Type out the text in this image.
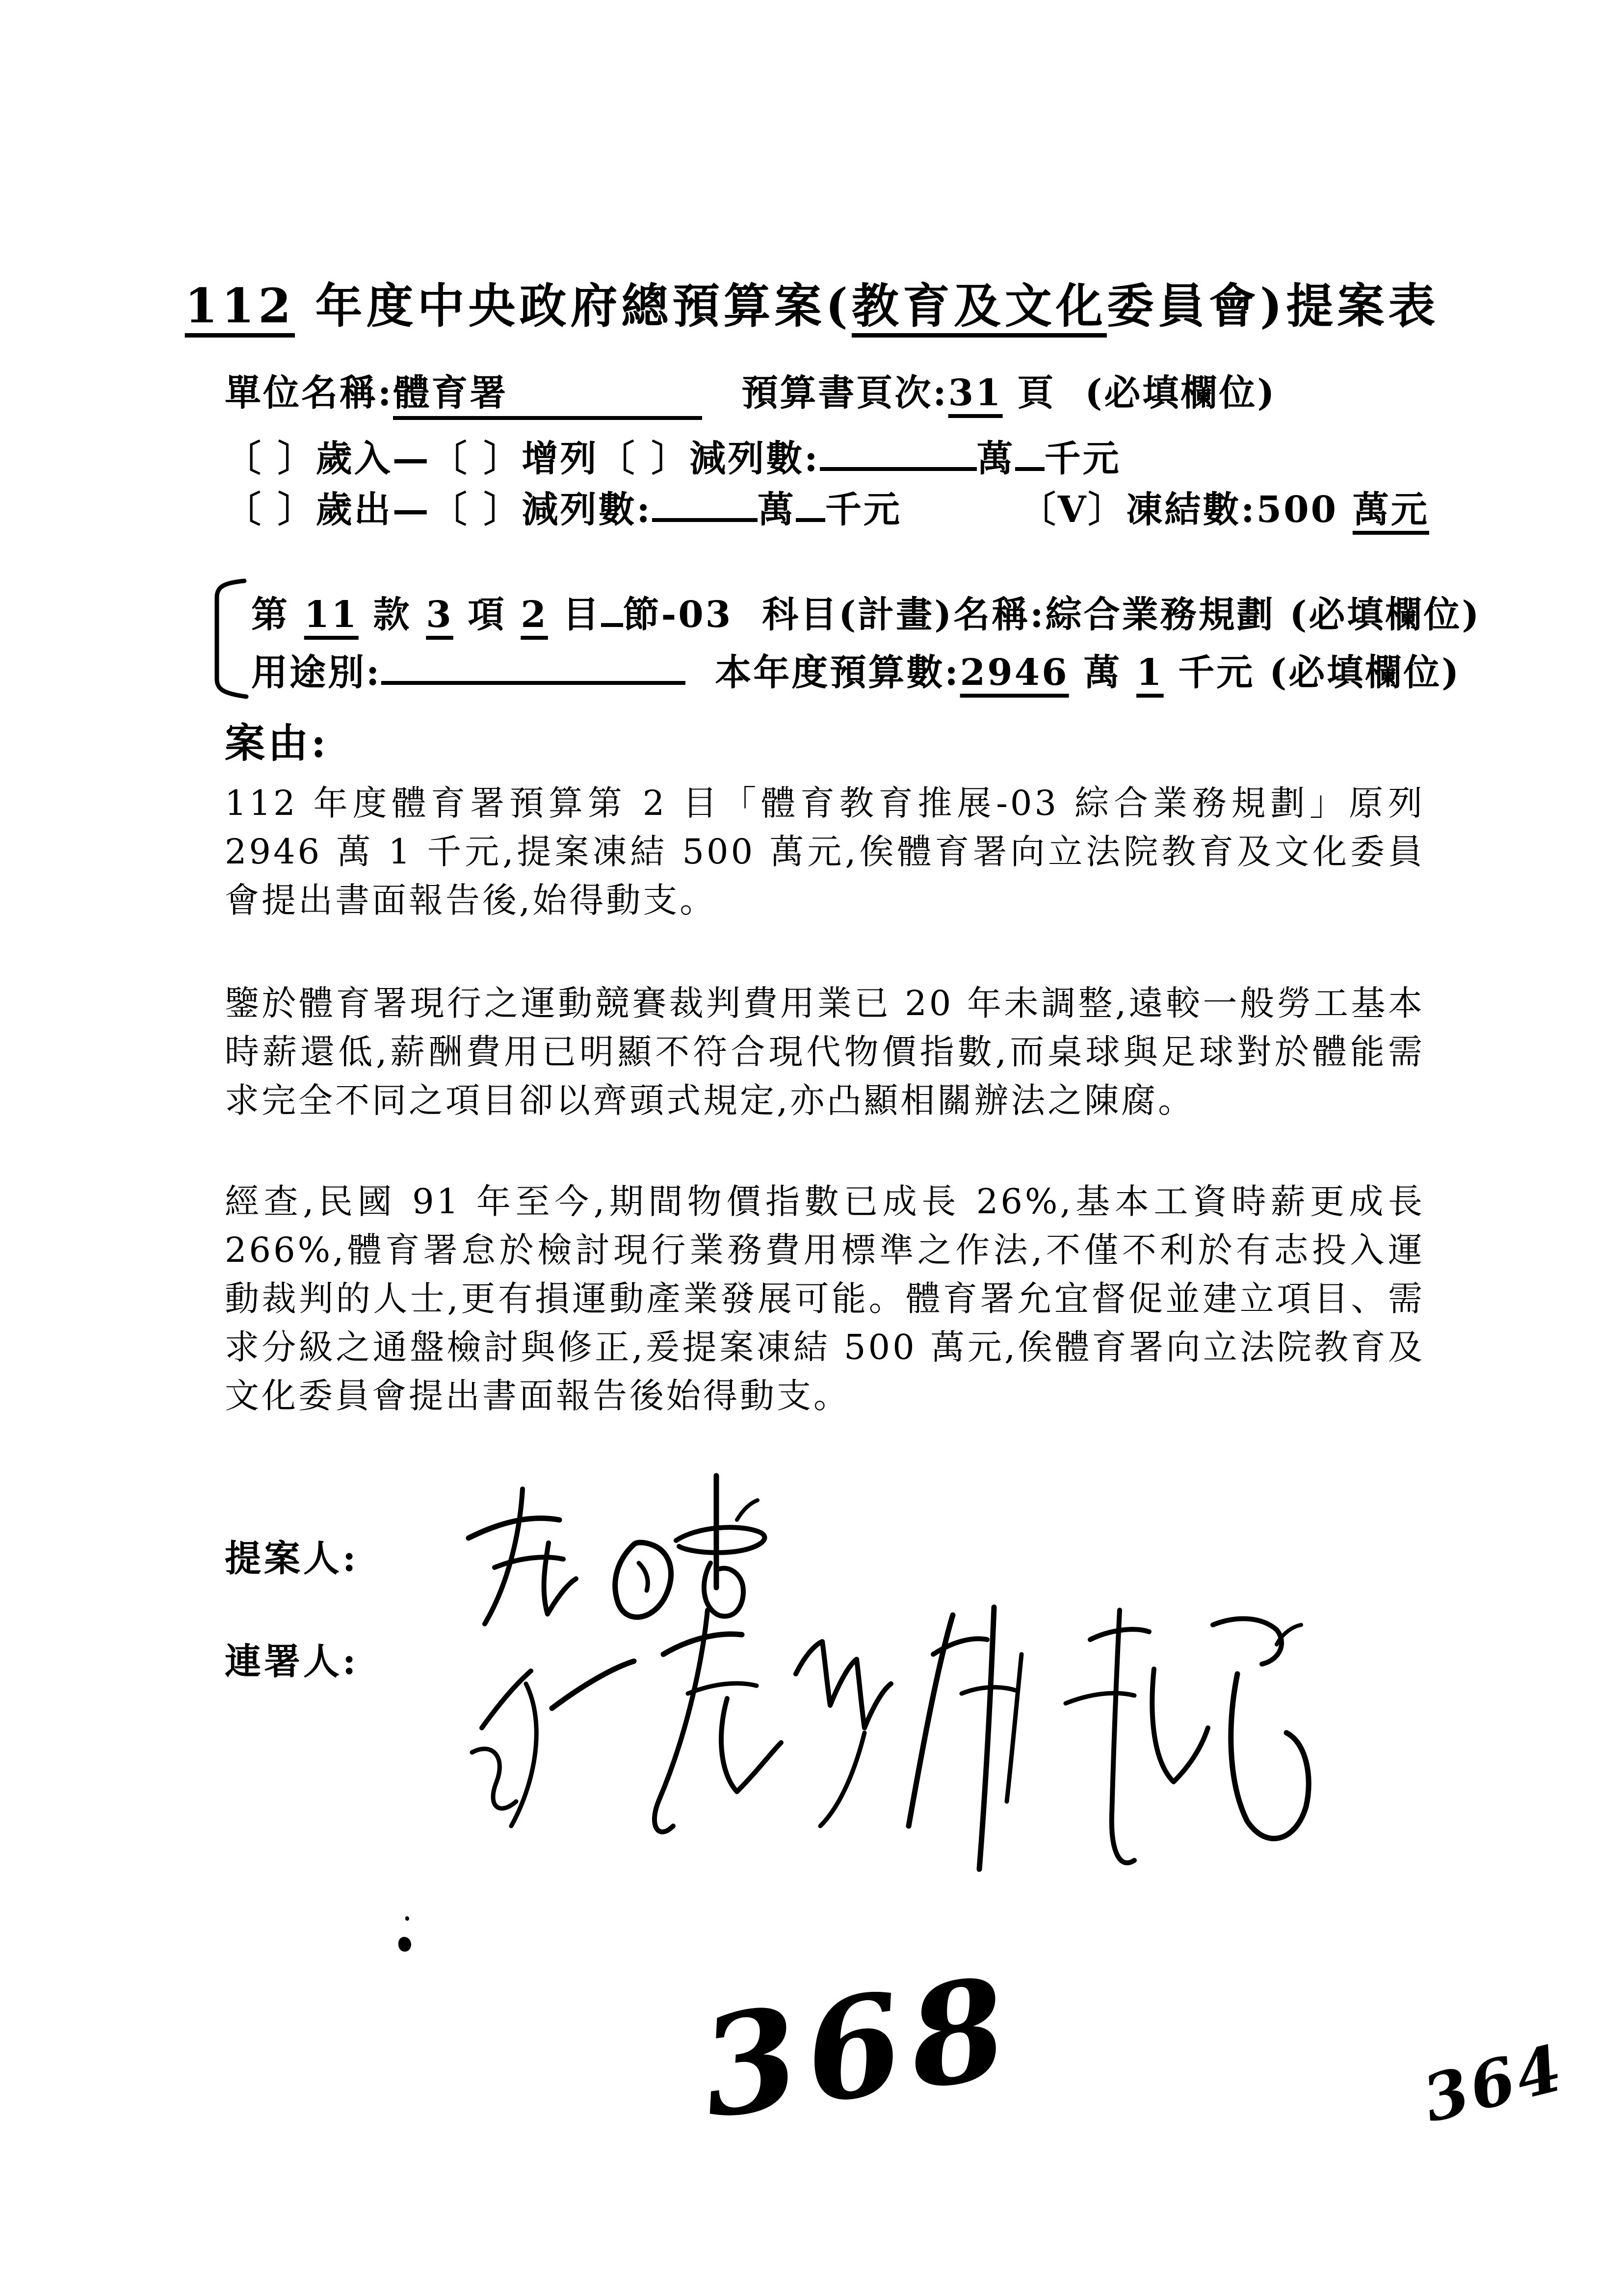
112 年度中央政府總預算案(教育及文化委員會)提案表
單位名稱:體育署	預算書頁次:31 頁 (必填欄位)
〔 〕歲入—〔 〕增列〔 〕減列數:	萬 千元
〔 〕歲出—〔 〕減列數:	萬 千元	〔V〕凍結數:500 萬元
第 11 款 3 項 2 目 節-03 科目(計畫)名稱:綜合業務規劃 (必填欄位)
用途別:	本年度預算數:2946 萬 1 千元 (必填欄位)
案由:

112 年度體育署預算第 2 目「體育教育推展-03 綜合業務規劃」原列 2946 萬 1 千元,提案凍結 500 萬元,俟體育署向立法院教育及文化委員會提出書面報告後,始得動支。

鑒於體育署現行之運動競賽裁判費用業已 20 年未調整,遠較一般勞工基本時薪還低,薪酬費用已明顯不符合現代物價指數,而桌球與足球對於體能需求完全不同之項目卻以齊頭式規定,亦凸顯相關辦法之陳腐。

經查,民國 91 年至今,期間物價指數已成長 26%,基本工資時薪更成長 266%,體育署怠於檢討現行業務費用標準之作法,不僅不利於有志投入運動裁判的人士,更有損運動產業發展可能。體育署允宜督促並建立項目、需求分級之通盤檢討與修正,爰提案凍結 500 萬元,俟體育署向立法院教育及文化委員會提出書面報告後始得動支。

提案人:
連署人:
368	364
